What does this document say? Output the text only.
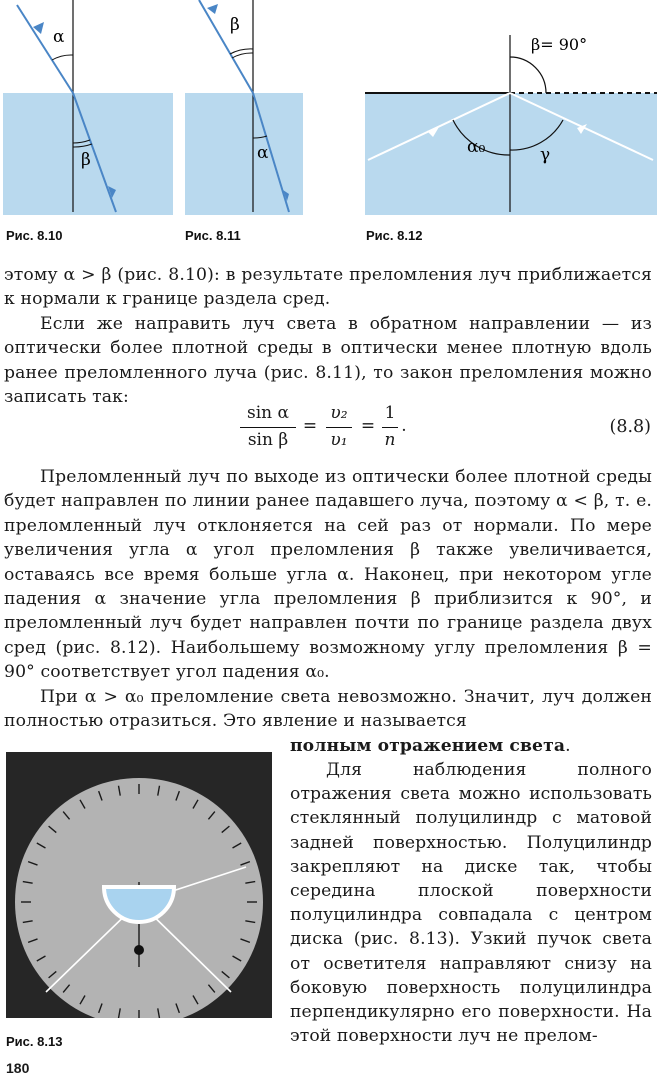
α
β
Рис. 8.10
β
α
Рис. 8.11
β= 90°
α₀	γ
Рис. 8.12
этому α > β (рис. 8.10): в результате преломления луч приближается к нормали к границе раздела сред.
Если же направить луч света в обратном направлении — из оптически более плотной среды в оптически менее плотную вдоль ранее преломленного луча (рис. 8.11), то закон преломления можно записать так:
sin α
sin β
=
υ₂
υ₁
=
1
n
.	(8.8)
Преломленный луч по выходе из оптически более плотной среды будет направлен по линии ранее падавшего луча, поэтому α < β, т. е. преломленный луч отклоняется на сей раз от нормали. По мере увеличения угла α угол преломления β также увеличивается, оставаясь все время больше угла α. Наконец, при некотором угле падения α значение угла преломления β приблизится к 90°, и преломленный луч будет направлен почти по границе раздела двух сред (рис. 8.12). Наибольшему возможному углу преломления β = 90° соответствует угол падения α₀.
При α > α₀ преломление света невозможно. Значит, луч должен полностью отразиться. Это явление и называется
полным отражением света.
Рис. 8.13
Для наблюдения полного отражения света можно использовать стеклянный полуцилиндр с матовой задней поверхностью. Полуцилиндр закрепляют на диске так, чтобы середина плоской поверхности полуцилиндра совпадала с центром диска (рис. 8.13). Узкий пучок света от осветителя направляют снизу на боковую поверхность полуцилиндра перпендикулярно его поверхности. На этой поверхности луч не прелом-
180
